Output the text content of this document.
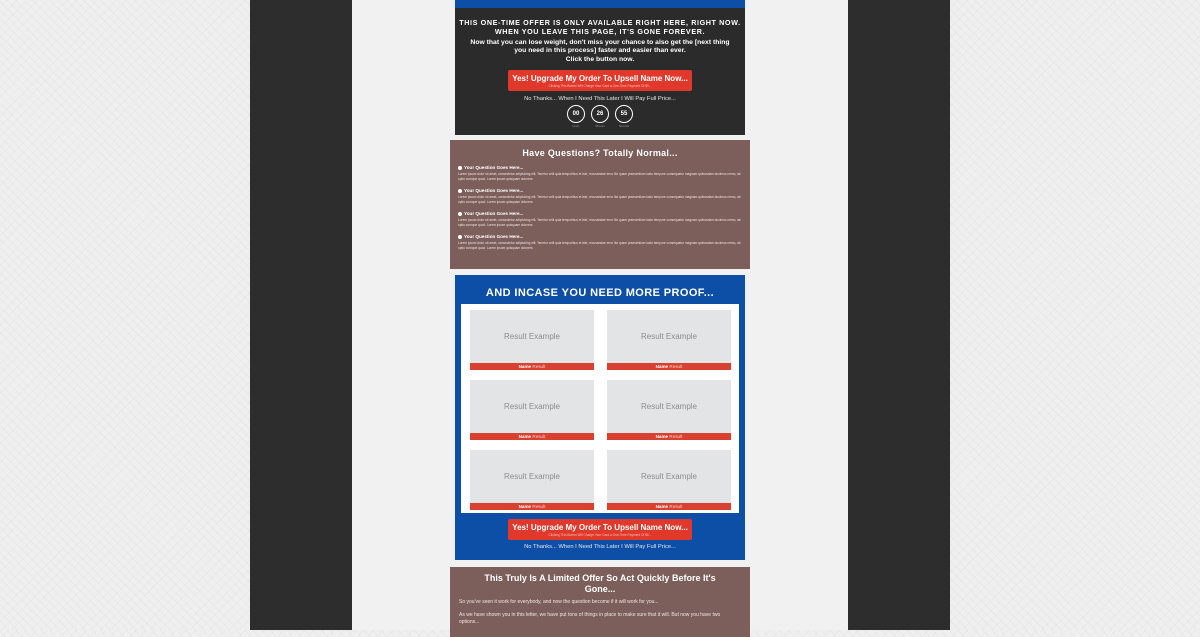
THIS ONE-TIME OFFER IS ONLY AVAILABLE RIGHT HERE, RIGHT NOW.
WHEN YOU LEAVE THIS PAGE, IT'S GONE FOREVER.
Now that you can lose weight, don't miss your chance to also get the [next thing you need in this process] faster and easier than ever.
Click the button now.
Yes! Upgrade My Order To Upsell Name Now...
Clicking This Button Will Charge Your Card a One-Time Payment Of $0...
No Thanks... When I Need This Later I Will Pay Full Price...
00
Hours
26
Minutes
55
Seconds
Have Questions? Totally Normal...
Your Question Goes Here...
Lorem ipsum dolor sit amet, consectetur adipisicing elit. Tenetur velit quia temporibus et iste, recusandae error illo quam praesentium iusto tempore consequatur magnam quibusdam ducimus nemo, ab optio cumque quod. Lorem ipsum quisquam dolorem.
Your Question Goes Here...
Lorem ipsum dolor sit amet, consectetur adipisicing elit. Tenetur velit quia temporibus et iste, recusandae error illo quam praesentium iusto tempore consequatur magnam quibusdam ducimus nemo, ab optio cumque quod. Lorem ipsum quisquam dolorem.
Your Question Goes Here...
Lorem ipsum dolor sit amet, consectetur adipisicing elit. Tenetur velit quia temporibus et iste, recusandae error illo quam praesentium iusto tempore consequatur magnam quibusdam ducimus nemo, ab optio cumque quod. Lorem ipsum quisquam dolorem.
Your Question Goes Here...
Lorem ipsum dolor sit amet, consectetur adipisicing elit. Tenetur velit quia temporibus et iste, recusandae error illo quam praesentium iusto tempore consequatur magnam quibusdam ducimus nemo, ab optio cumque quod. Lorem ipsum quisquam dolorem.
AND INCASE YOU NEED MORE PROOF...
Result Example
Name Result
Result Example
Name Result
Result Example
Name Result
Result Example
Name Result
Result Example
Name Result
Result Example
Name Result
Yes! Upgrade My Order To Upsell Name Now...
Clicking This Button Will Charge Your Card a One-Time Payment Of $0...
No Thanks... When I Need This Later I Will Pay Full Price...
This Truly Is A Limited Offer So Act Quickly Before It's Gone...

So you've seen it work for everybody, and now the question become if it will work for you...

As we have shown you in this letter, we have put tons of things in place to make sure that it will. But now you have two options...
